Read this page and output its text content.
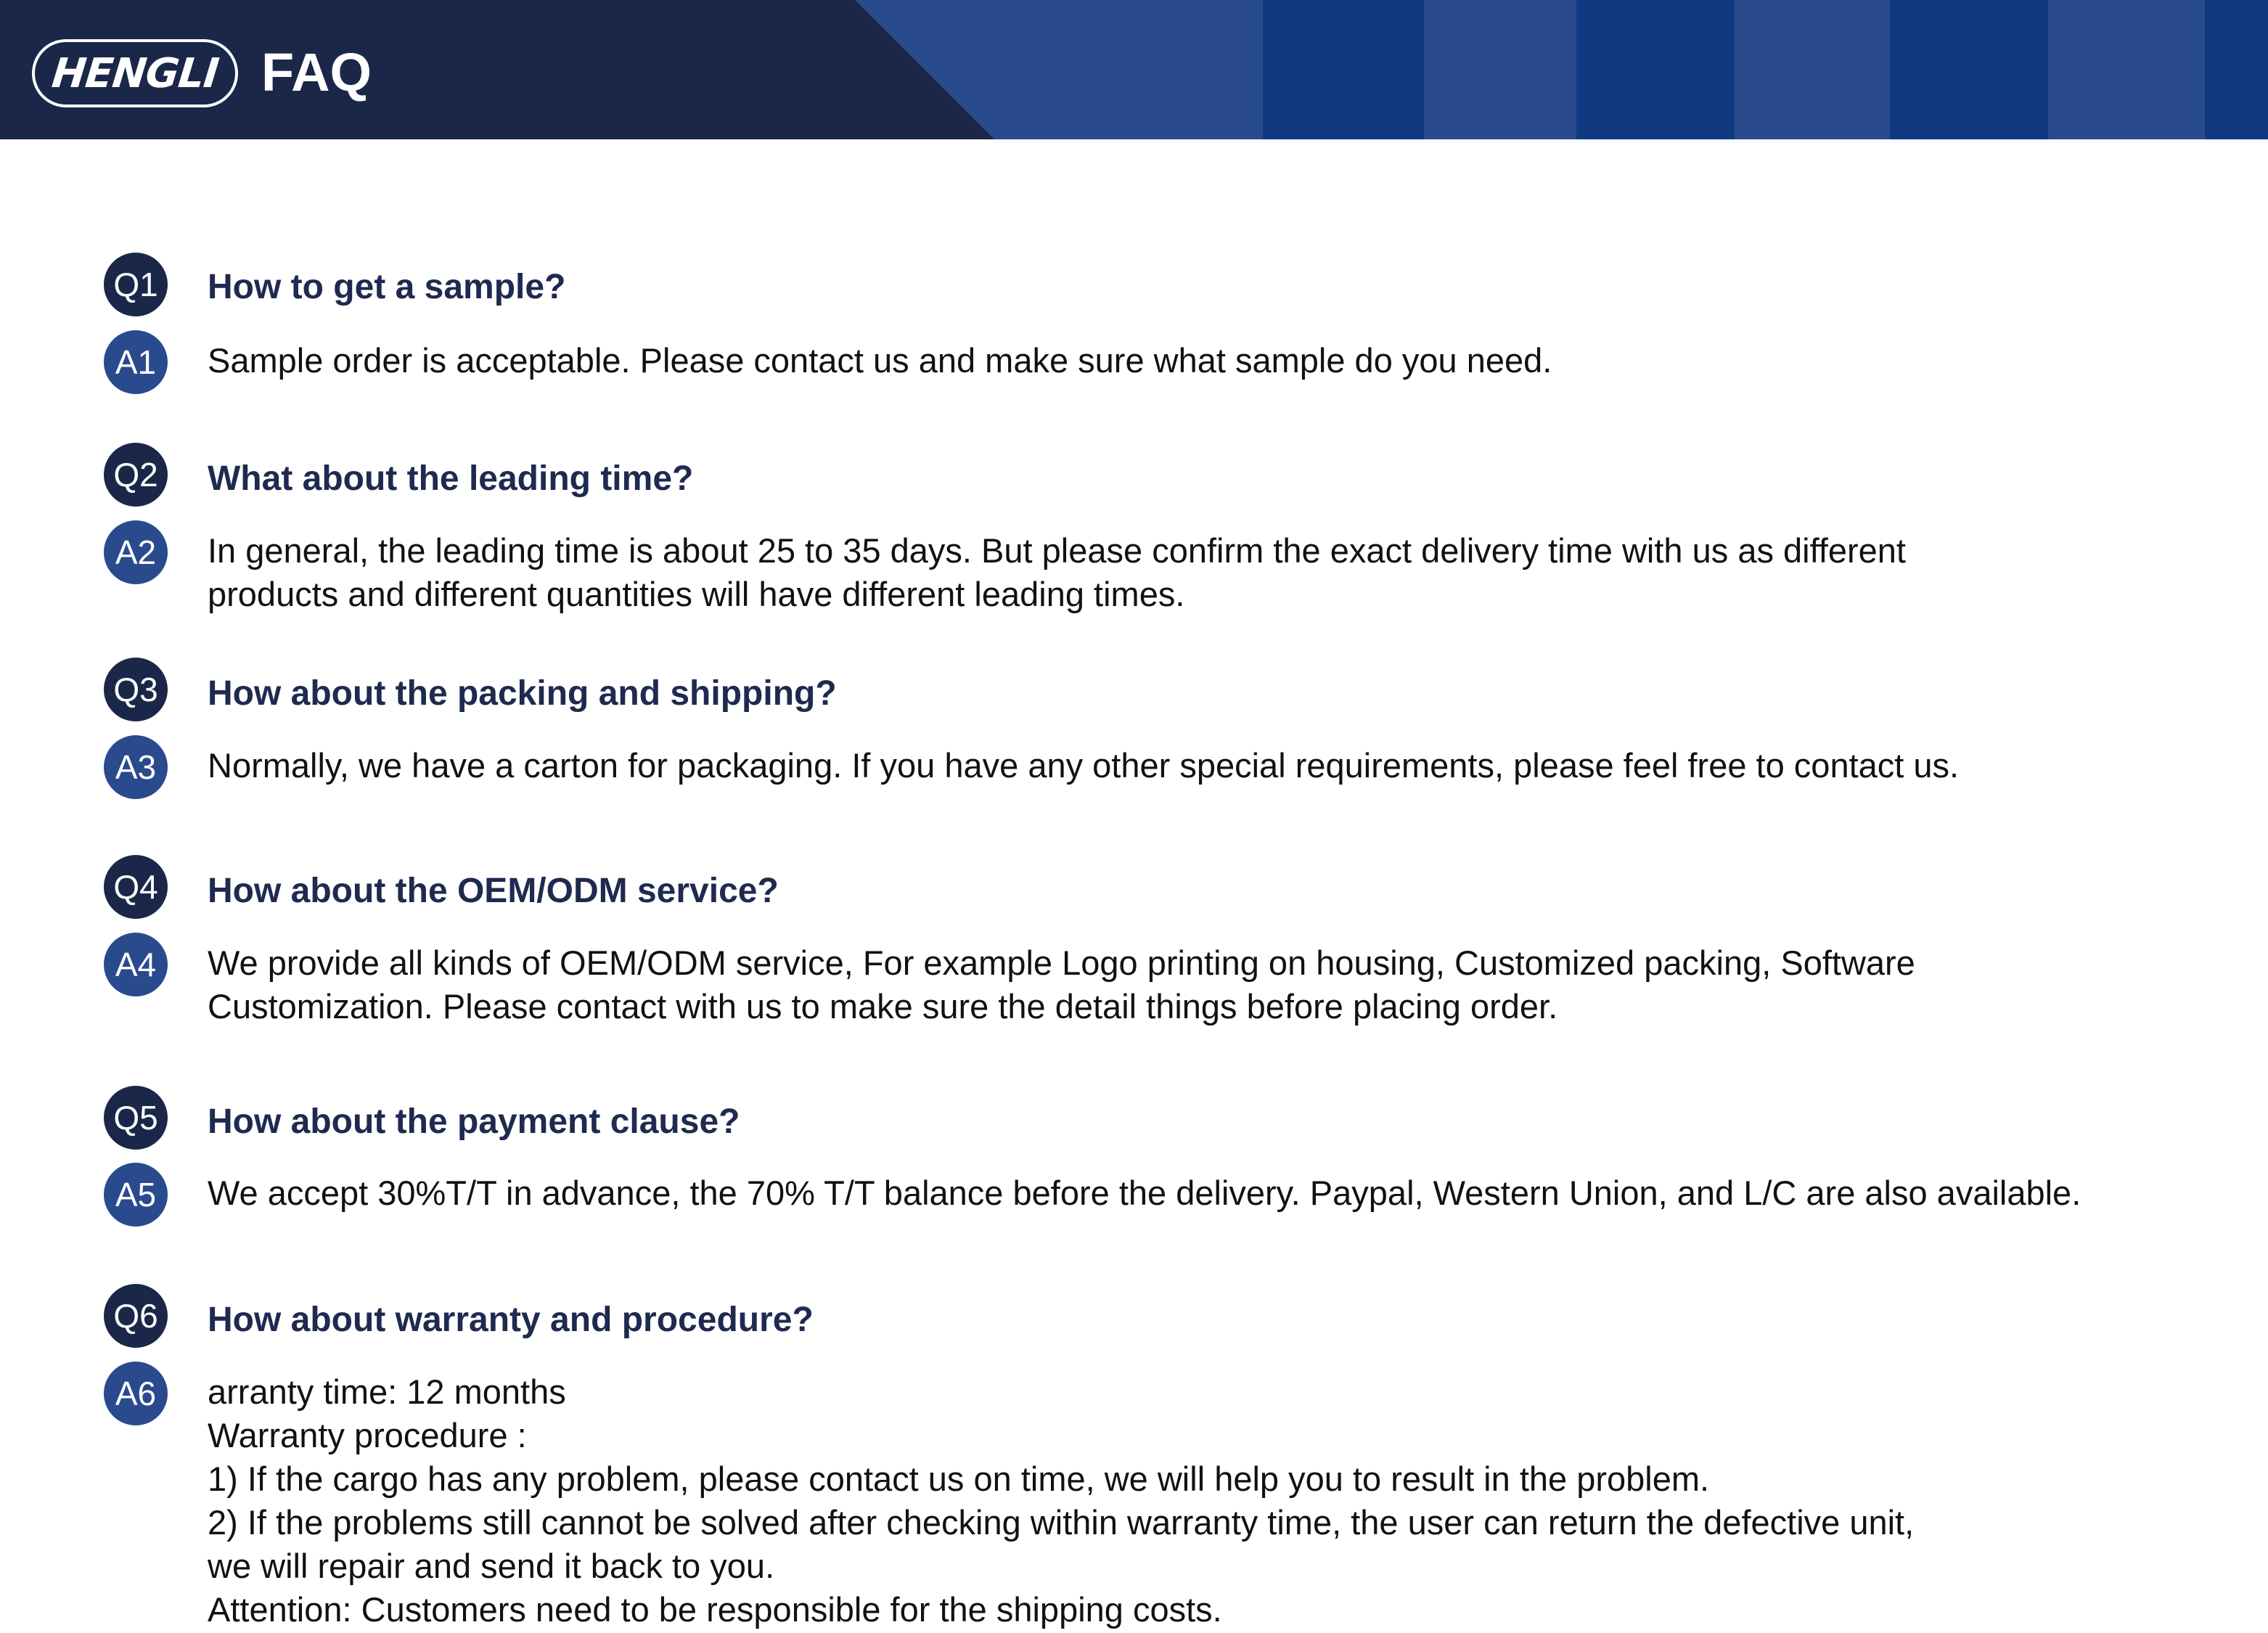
HENGLI FAQ
Q1 How to get a sample?
A1	Sample order is acceptable. Please contact us and make sure what sample do you need.
Q2 What about the leading time?
A2	In general, the leading time is about 25 to 35 days. But please confirm the exact delivery time with us as different
products and different quantities will have different leading times.
Q3 How about the packing and shipping?
A3	Normally, we have a carton for packaging. If you have any other special requirements, please feel free to contact us.
Q4 How about the OEM/ODM service?
A4	We provide all kinds of OEM/ODM service, For example Logo printing on housing, Customized packing, Software
Customization. Please contact with us to make sure the detail things before placing order.
Q5 How about the payment clause?
A5	We accept 30%T/T in advance, the 70% T/T balance before the delivery. Paypal, Western Union, and L/C are also available.
Q6 How about warranty and procedure?
A6	arranty time: 12 months
Warranty procedure :
1) If the cargo has any problem, please contact us on time, we will help you to result in the problem.
2) If the problems still cannot be solved after checking within warranty time, the user can return the defective unit,
we will repair and send it back to you.
Attention: Customers need to be responsible for the shipping costs.
